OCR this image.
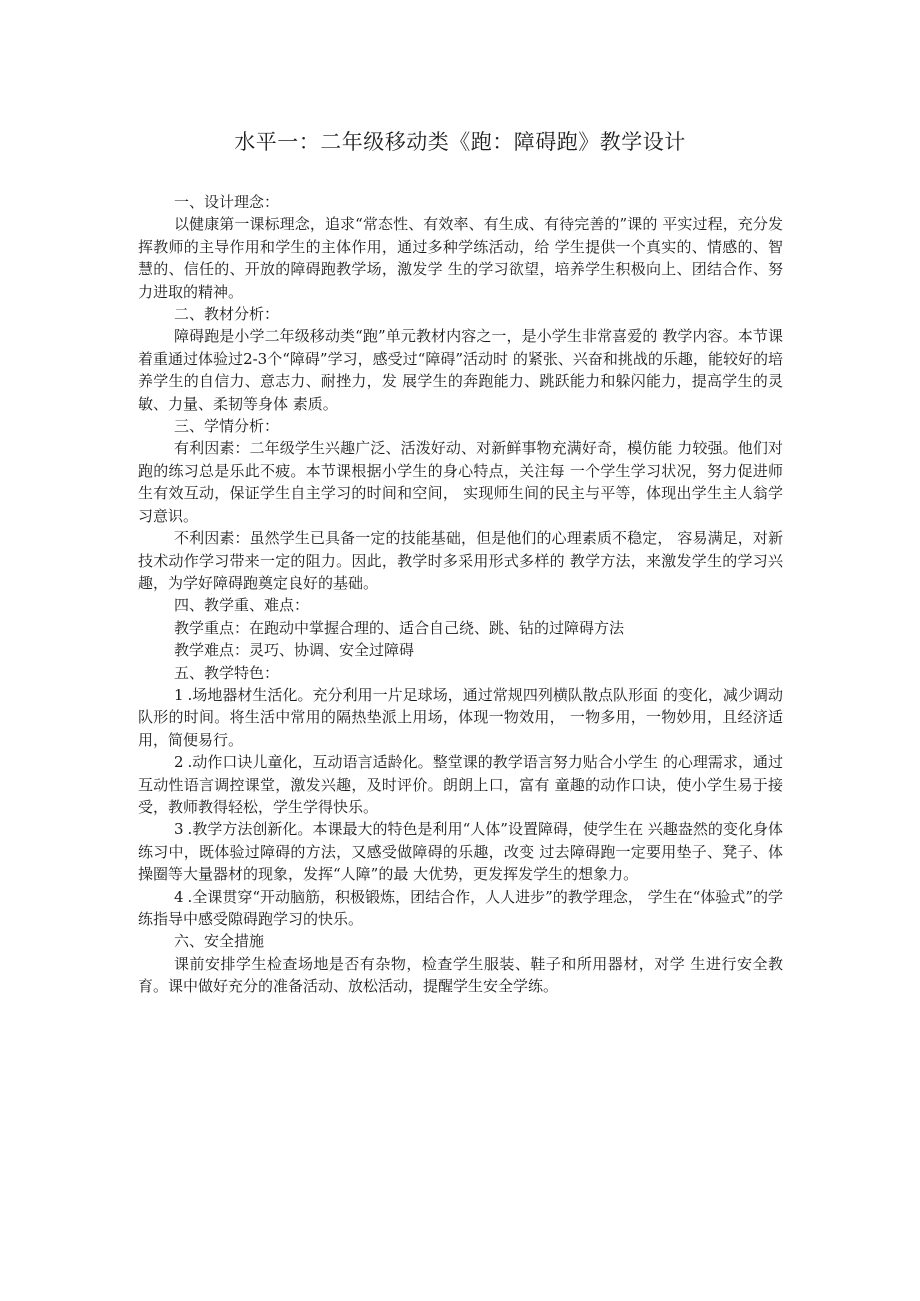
水平一：二年级移动类《跑：障碍跑》教学设计

一、设计理念：

以健康第一课标理念，追求“常态性、有效率、有生成、有待完善的”课的 平实过程，充分发挥教师的主导作用和学生的主体作用，通过多种学练活动，给 学生提供一个真实的、情感的、智慧的、信任的、开放的障碍跑教学场，激发学 生的学习欲望，培养学生积极向上、团结合作、努力进取的精神。

二、教材分析：

障碍跑是小学二年级移动类“跑”单元教材内容之一，是小学生非常喜爱的 教学内容。本节课着重通过体验过2-3个“障碍”学习，感受过“障碍”活动时 的紧张、兴奋和挑战的乐趣，能较好的培养学生的自信力、意志力、耐挫力，发 展学生的奔跑能力、跳跃能力和躲闪能力，提高学生的灵敏、力量、柔韧等身体 素质。

三、学情分析：

有利因素：二年级学生兴趣广泛、活泼好动、对新鲜事物充满好奇，模仿能 力较强。他们对跑的练习总是乐此不疲。本节课根据小学生的身心特点，关注每 一个学生学习状况，努力促进师生有效互动，保证学生自主学习的时间和空间， 实现师生间的民主与平等，体现出学生主人翁学习意识。

不利因素：虽然学生已具备一定的技能基础，但是他们的心理素质不稳定， 容易满足，对新技术动作学习带来一定的阻力。因此，教学时多采用形式多样的 教学方法，来激发学生的学习兴趣，为学好障碍跑奠定良好的基础。

四、教学重、难点：

教学重点：在跑动中掌握合理的、适合自己绕、跳、钻的过障碍方法

教学难点：灵巧、协调、安全过障碍

五、教学特色：

1 .场地器材生活化。充分利用一片足球场，通过常规四列横队散点队形面 的变化，减少调动队形的时间。将生活中常用的隔热垫派上用场，体现一物效用， 一物多用，一物妙用，且经济适用，简便易行。

2 .动作口诀儿童化，互动语言适龄化。整堂课的教学语言努力贴合小学生 的心理需求，通过互动性语言调控课堂，激发兴趣，及时评价。朗朗上口，富有 童趣的动作口诀，使小学生易于接受，教师教得轻松，学生学得快乐。

3 .教学方法创新化。本课最大的特色是利用“人体”设置障碍，使学生在 兴趣盎然的变化身体练习中，既体验过障碍的方法，又感受做障碍的乐趣，改变 过去障碍跑一定要用垫子、凳子、体操圈等大量器材的现象，发挥“人障”的最 大优势，更发挥发学生的想象力。

4 .全课贯穿“开动脑筋，积极锻炼，团结合作，人人进步”的教学理念， 学生在“体验式”的学练指导中感受隙碍跑学习的快乐。

六、安全措施

课前安排学生检查场地是否有杂物，检查学生服装、鞋子和所用器材，对学 生进行安全教育。课中做好充分的准备活动、放松活动，提醒学生安全学练。
